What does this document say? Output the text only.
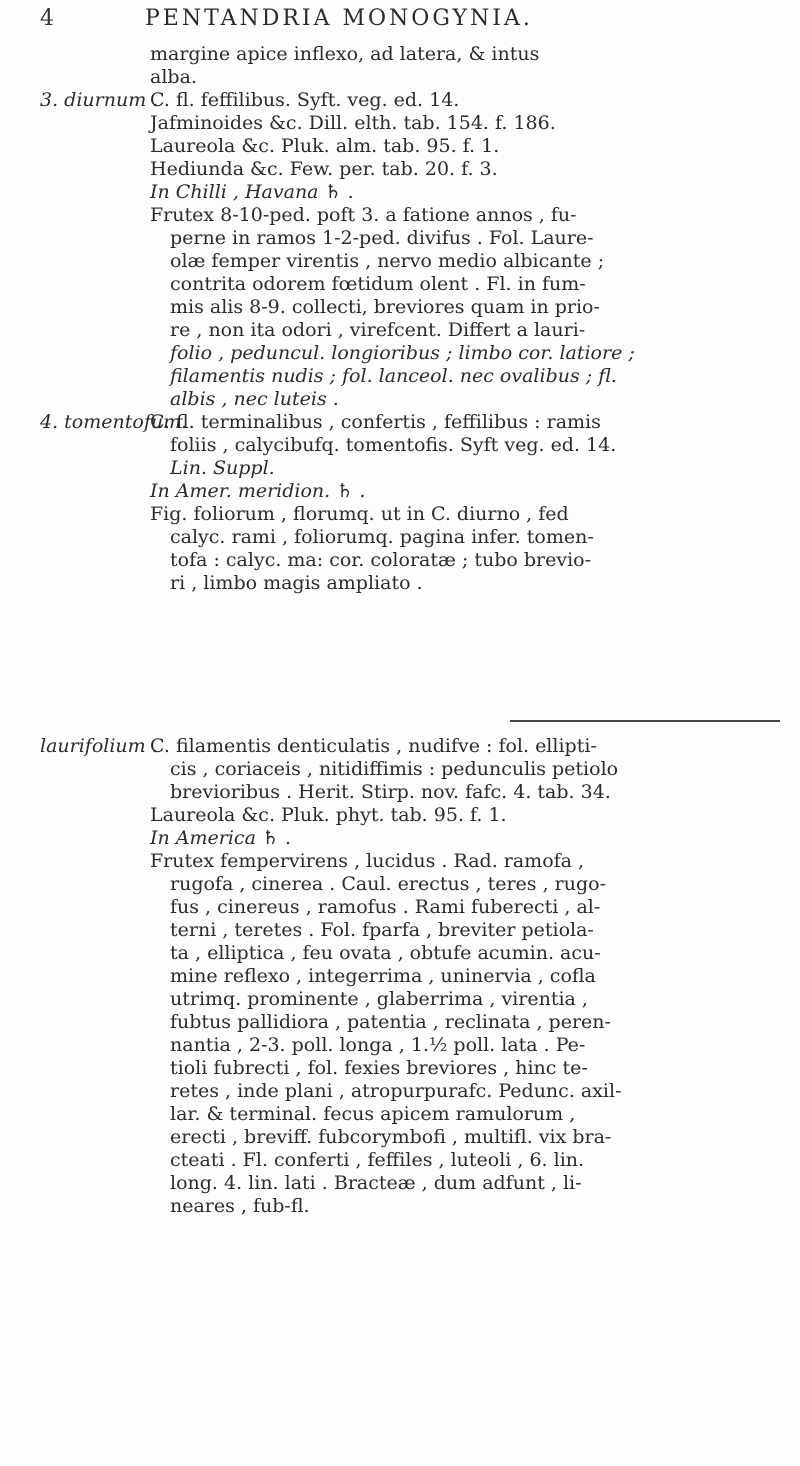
4	PENTANDRIA MONOGYNIA.
margine apice inflexo, ad latera, & intus
alba.
3. diurnum .
C. fl. feffilibus. Syft. veg. ed. 14.
Jafminoides &c. Dill. elth. tab. 154. f. 186.
Laureola &c. Pluk. alm. tab. 95. f. 1.
Hediunda &c. Few. per. tab. 20. f. 3.
In Chilli , Havana ♄ .
Frutex 8-10-ped. poft 3. a fatione annos , fu-
perne in ramos 1-2-ped. divifus . Fol. Laure-
olæ femper virentis , nervo medio albicante ;
contrita odorem fœtidum olent . Fl. in fum-
mis alis 8-9. collecti, breviores quam in prio-
re , non ita odori , virefcent. Differt a lauri-
folio , peduncul. longioribus ; limbo cor. latiore ;
filamentis nudis ; fol. lanceol. nec ovalibus ; fl.
albis , nec luteis .
4. tomentofum.
C. fl. terminalibus , confertis , feffilibus : ramis
foliis , calycibufq. tomentofis. Syft veg. ed. 14.
Lin. Suppl.
In Amer. meridion. ♄ .
Fig. foliorum , florumq. ut in C. diurno , fed
calyc. rami , foliorumq. pagina infer. tomen-
tofa : calyc. ma: cor. coloratæ ; tubo brevio-
ri , limbo magis ampliato .
laurifolium .
C. filamentis denticulatis , nudifve : fol. ellipti-
cis , coriaceis , nitidiffimis : pedunculis petiolo
brevioribus . Herit. Stirp. nov. fafc. 4. tab. 34.
Laureola &c. Pluk. phyt. tab. 95. f. 1.
In America ♄ .
Frutex fempervirens , lucidus . Rad. ramofa ,
rugofa , cinerea . Caul. erectus , teres , rugo-
fus , cinereus , ramofus . Rami fuberecti , al-
terni , teretes . Fol. fparfa , breviter petiola-
ta , elliptica , feu ovata , obtufe acumin. acu-
mine reflexo , integerrima , uninervia , cofla
utrimq. prominente , glaberrima , virentia ,
fubtus pallidiora , patentia , reclinata , peren-
nantia , 2-3. poll. longa , 1.½ poll. lata . Pe-
tioli fubrecti , fol. fexies breviores , hinc te-
retes , inde plani , atropurpurafc. Pedunc. axil-
lar. & terminal. fecus apicem ramulorum ,
erecti , breviff. fubcorymbofi , multifl. vix bra-
cteati . Fl. conferti , feffiles , luteoli , 6. lin.
long. 4. lin. lati . Bracteæ , dum adfunt , li-
neares , fub-fl.
